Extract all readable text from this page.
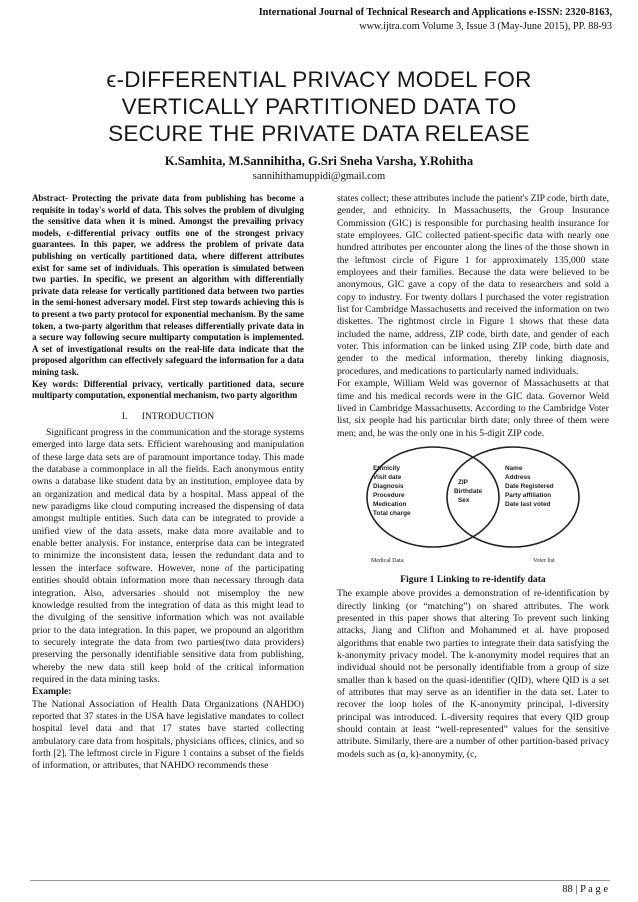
International Journal of Technical Research and Applications e-ISSN: 2320-8163,
www.ijtra.com Volume 3, Issue 3 (May-June 2015), PP. 88-93
ϵ-DIFFERENTIAL PRIVACY MODEL FOR
VERTICALLY PARTITIONED DATA TO
SECURE THE PRIVATE DATA RELEASE
K.Samhita, M.Sannihitha, G.Sri Sneha Varsha, Y.Rohitha
sannihithamuppidi@gmail.com

Abstract- Protecting the private data from publishing has become a requisite in today's world of data. This solves the problem of divulging the sensitive data when it is mined. Amongst the prevailing privacy models, ϵ-differential privacy outfits one of the strongest privacy guarantees. In this paper, we address the problem of private data publishing on vertically partitioned data, where different attributes exist for same set of individuals. This operation is simulated between two parties. In specific, we present an algorithm with differentially private data release for vertically partitioned data between two parties in the semi-honest adversary model. First step towards achieving this is to present a two party protocol for exponential mechanism. By the same token, a two-party algorithm that releases differentially private data in a secure way following secure multiparty computation is implemented. A set of investigational results on the real-life data indicate that the proposed algorithm can effectively safeguard the information for a data mining task.

Key words: Differential privacy, vertically partitioned data, secure multiparty computation, exponential mechanism, two party algorithm

I.      INTRODUCTION

Significant progress in the communication and the storage systems emerged into large data sets. Efficient warehousing and manipulation of these large data sets are of paramount importance today. This made the database a commonplace in all the fields. Each anonymous entity owns a database like student data by an institution, employee data by an organization and medical data by a hospital. Mass appeal of the new paradigms like cloud computing increased the dispensing of data amongst multiple entities. Such data can be integrated to provide a unified view of the data assets, make data more available and to enable better analysis. For instance, enterprise data can be integrated to minimize the inconsistent data, lessen the redundant data and to lessen the interface software. However, none of the participating entities should obtain information more than necessary through data integration. Also, adversaries should not misemploy the new knowledge resulted from the integration of data as this might lead to the divulging of the sensitive information which was not available prior to the data integration. In this paper, we propound an algorithm to securely integrate the data from two parties(two data providers) preserving the personally identifiable sensitive data from publishing, whereby the new data still keep hold of the critical information required in the data mining tasks.

Example:

The National Association of Health Data Organizations (NAHDO) reported that 37 states in the USA have legislative mandates to collect hospital level data and that 17 states have started collecting ambulatory care data from hospitals, physicians offices, clinics, and so forth [2]. The leftmost circle in Figure 1 contains a subset of the fields of information, or attributes, that NAHDO recommends these

states collect; these attributes include the patient's ZIP code, birth date, gender, and ethnicity. In Massachusetts, the Group Insurance Commission (GIC) is responsible for purchasing health insurance for state employees. GIC collected patient-specific data with nearly one hundred attributes per encounter along the lines of the those shown in the leftmost circle of Figure 1 for approximately 135,000 state employees and their families. Because the data were believed to be anonymous, GIC gave a copy of the data to researchers and sold a copy to industry. For twenty dollars I purchased the voter registration list for Cambridge Massachusetts and received the information on two diskettes. The rightmost circle in Figure 1 shows that these data included the name, address, ZIP code, birth date, and gender of each voter. This information can be linked using ZIP code, birth date and gender to the medical information, thereby linking diagnosis, procedures, and medications to particularly named individuals.

For example, William Weld was governor of Massachusetts at that time and his medical records were in the GIC data. Governor Weld lived in Cambridge Massachusetts. According to the Cambridge Voter list, six people had his particular birth date; only three of them were men; and, he was the only one in his 5-digit ZIP code.

Ethnicity
Visit date
Diagnosis
Procedure
Medication
Total charge
ZIP
Birthdate
Sex
Name
Address
Date Registered
Party affiliation
Date last voted
Medical Data	Voter list

Figure 1 Linking to re-identify data

The example above provides a demonstration of re-identification by directly linking (or “matching”) on shared attributes. The work presented in this paper shows that altering To prevent such linking attacks, Jiang and Clifton and Mohammed et al. have proposed algorithms that enable two parties to integrate their data satisfying the k-anonymity privacy model. The k-anonymity model requires that an individual should not be personally identifiable from a group of size smaller than k based on the quasi-identifier (QID), where QID is a set of attributes that may serve as an identifier in the data set. Later to recover the loop holes of the K-anonymity principal, l-diversity principal was introduced. L-diversity requires that every QID group should contain at least “well-represented” values for the sensitive attribute. Similarly, there are a number of other partition-based privacy models such as (α, k)-anonymity, (c,

88 | P a g e
